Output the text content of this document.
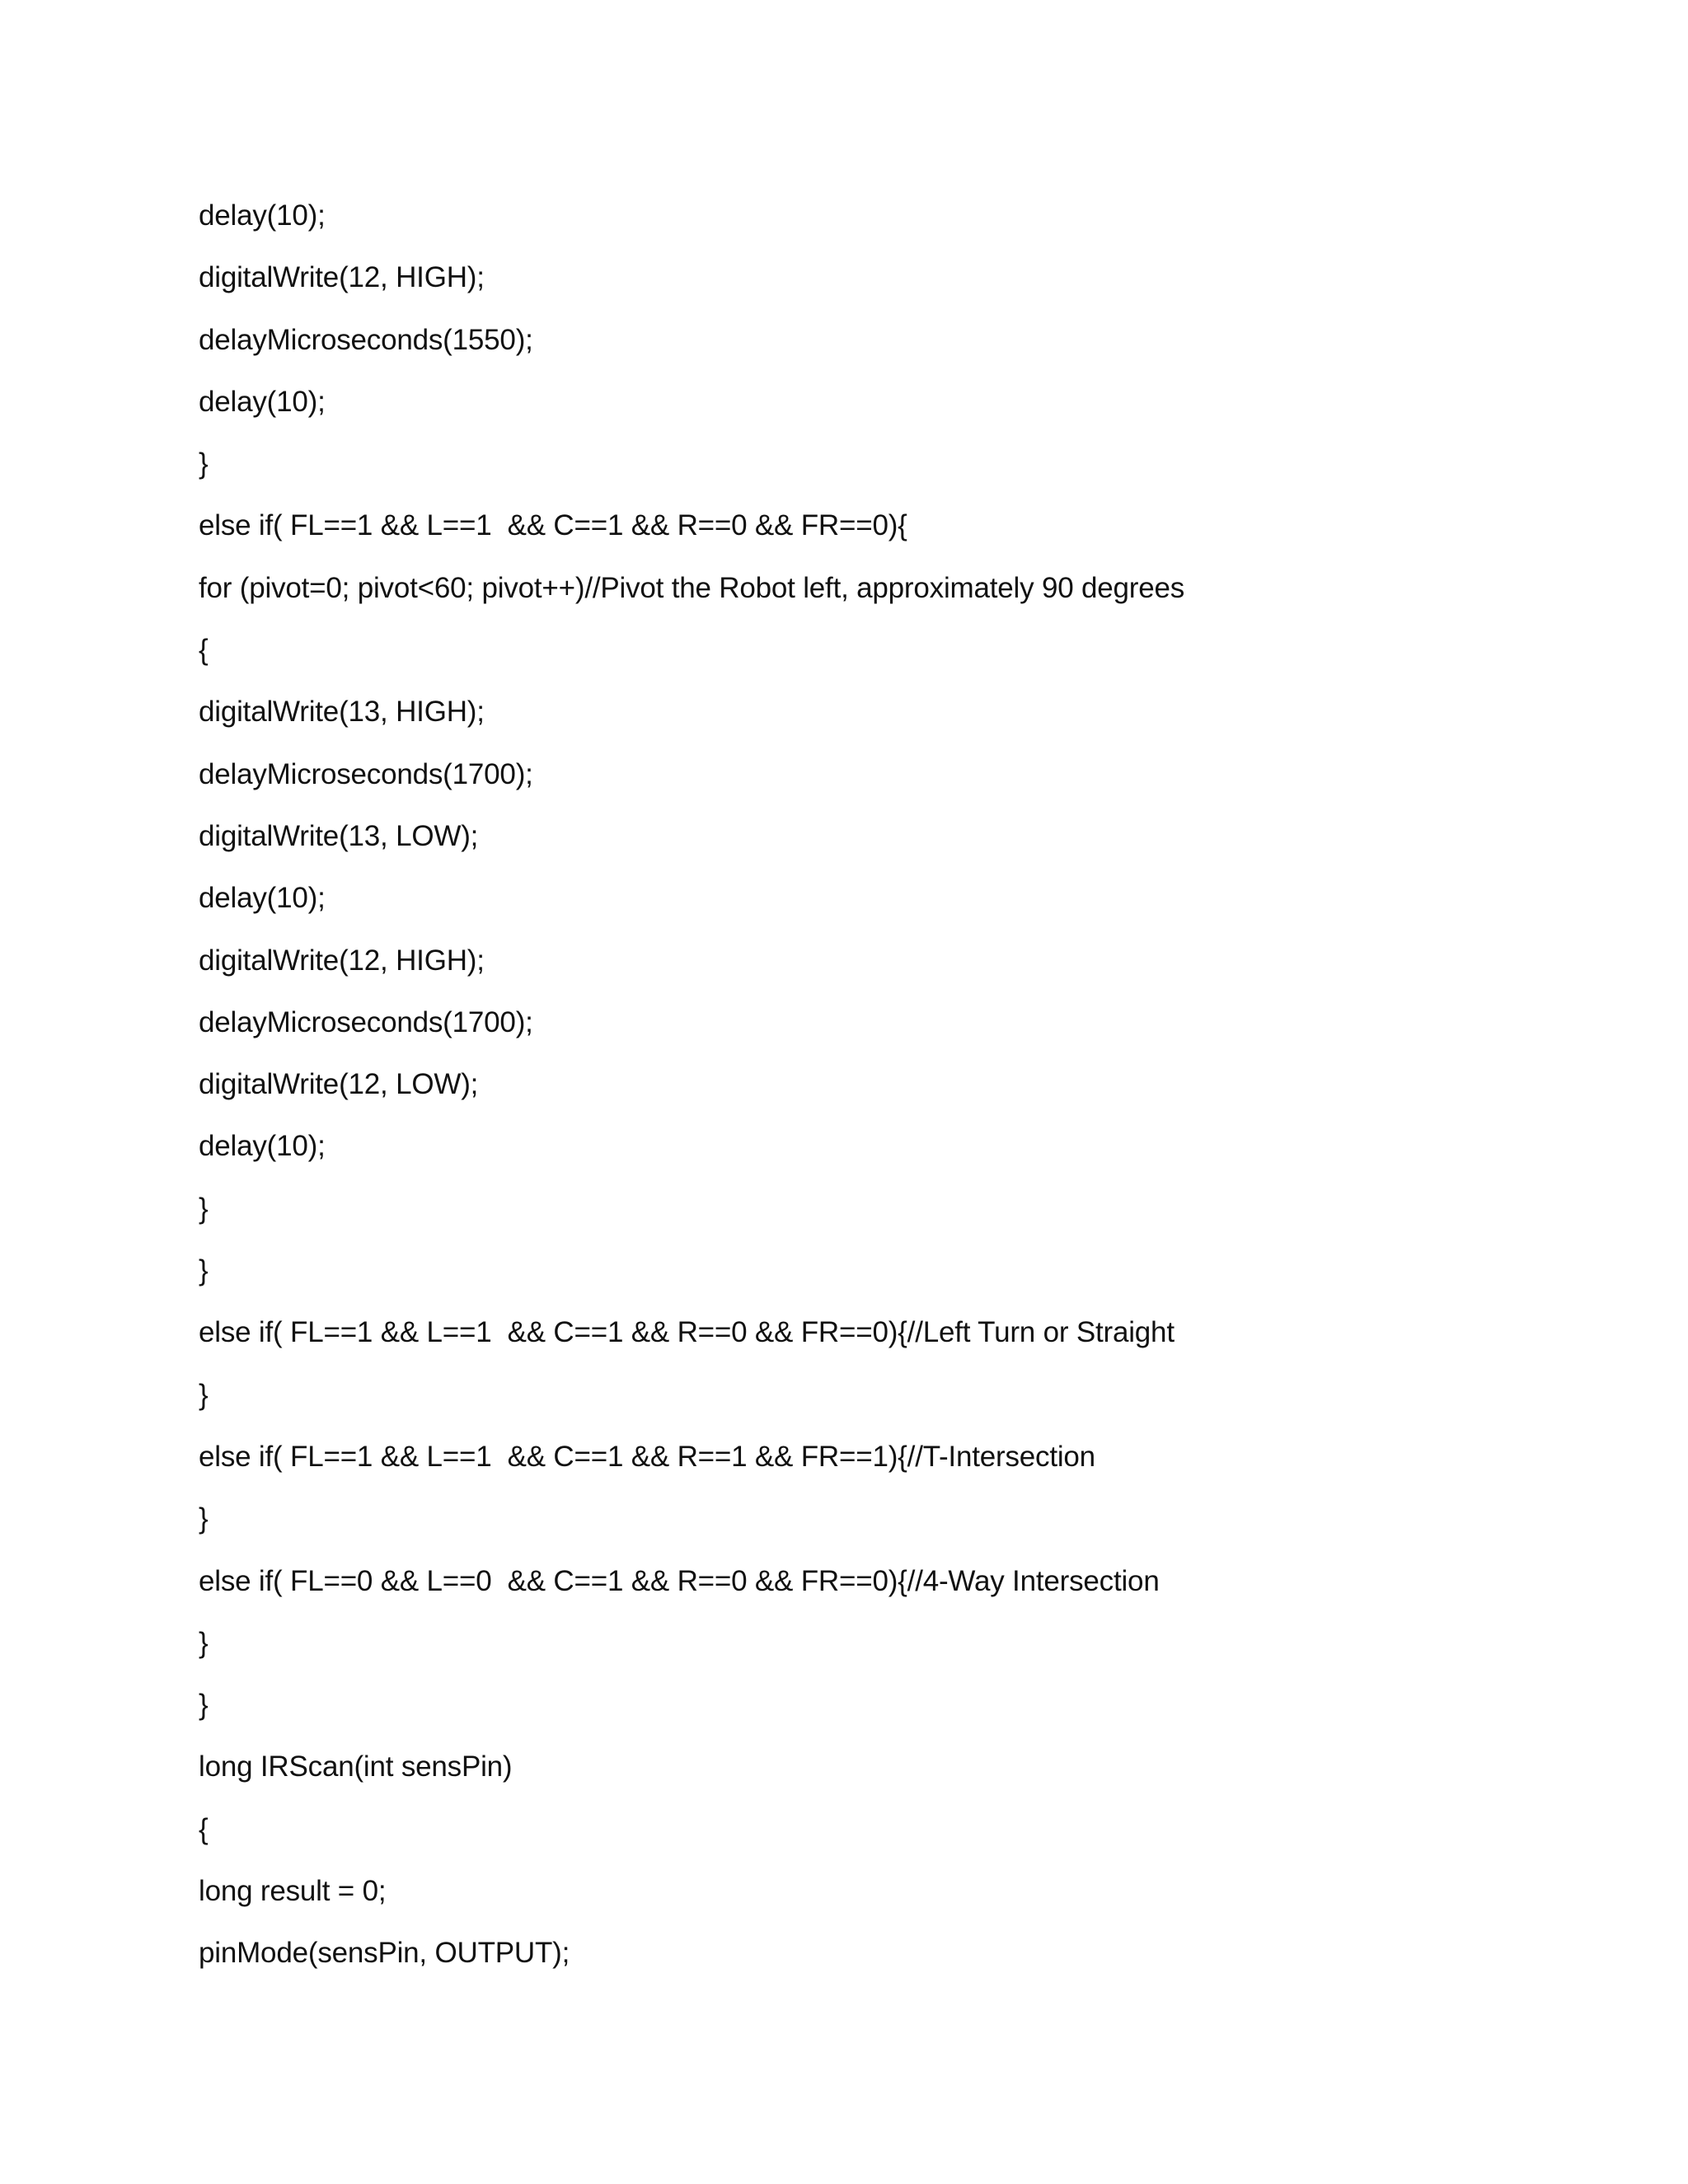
delay(10);
digitalWrite(12, HIGH);
delayMicroseconds(1550);
delay(10);
}
else if( FL==1 && L==1  && C==1 && R==0 && FR==0){
for (pivot=0; pivot<60; pivot++)//Pivot the Robot left, approximately 90 degrees
{
digitalWrite(13, HIGH);
delayMicroseconds(1700);
digitalWrite(13, LOW);
delay(10);
digitalWrite(12, HIGH);
delayMicroseconds(1700);
digitalWrite(12, LOW);
delay(10);
}
}
else if( FL==1 && L==1  && C==1 && R==0 && FR==0){//Left Turn or Straight
}
else if( FL==1 && L==1  && C==1 && R==1 && FR==1){//T-Intersection
}
else if( FL==0 && L==0  && C==1 && R==0 && FR==0){//4-Way Intersection
}
}
long IRScan(int sensPin)
{
long result = 0;
pinMode(sensPin, OUTPUT);
